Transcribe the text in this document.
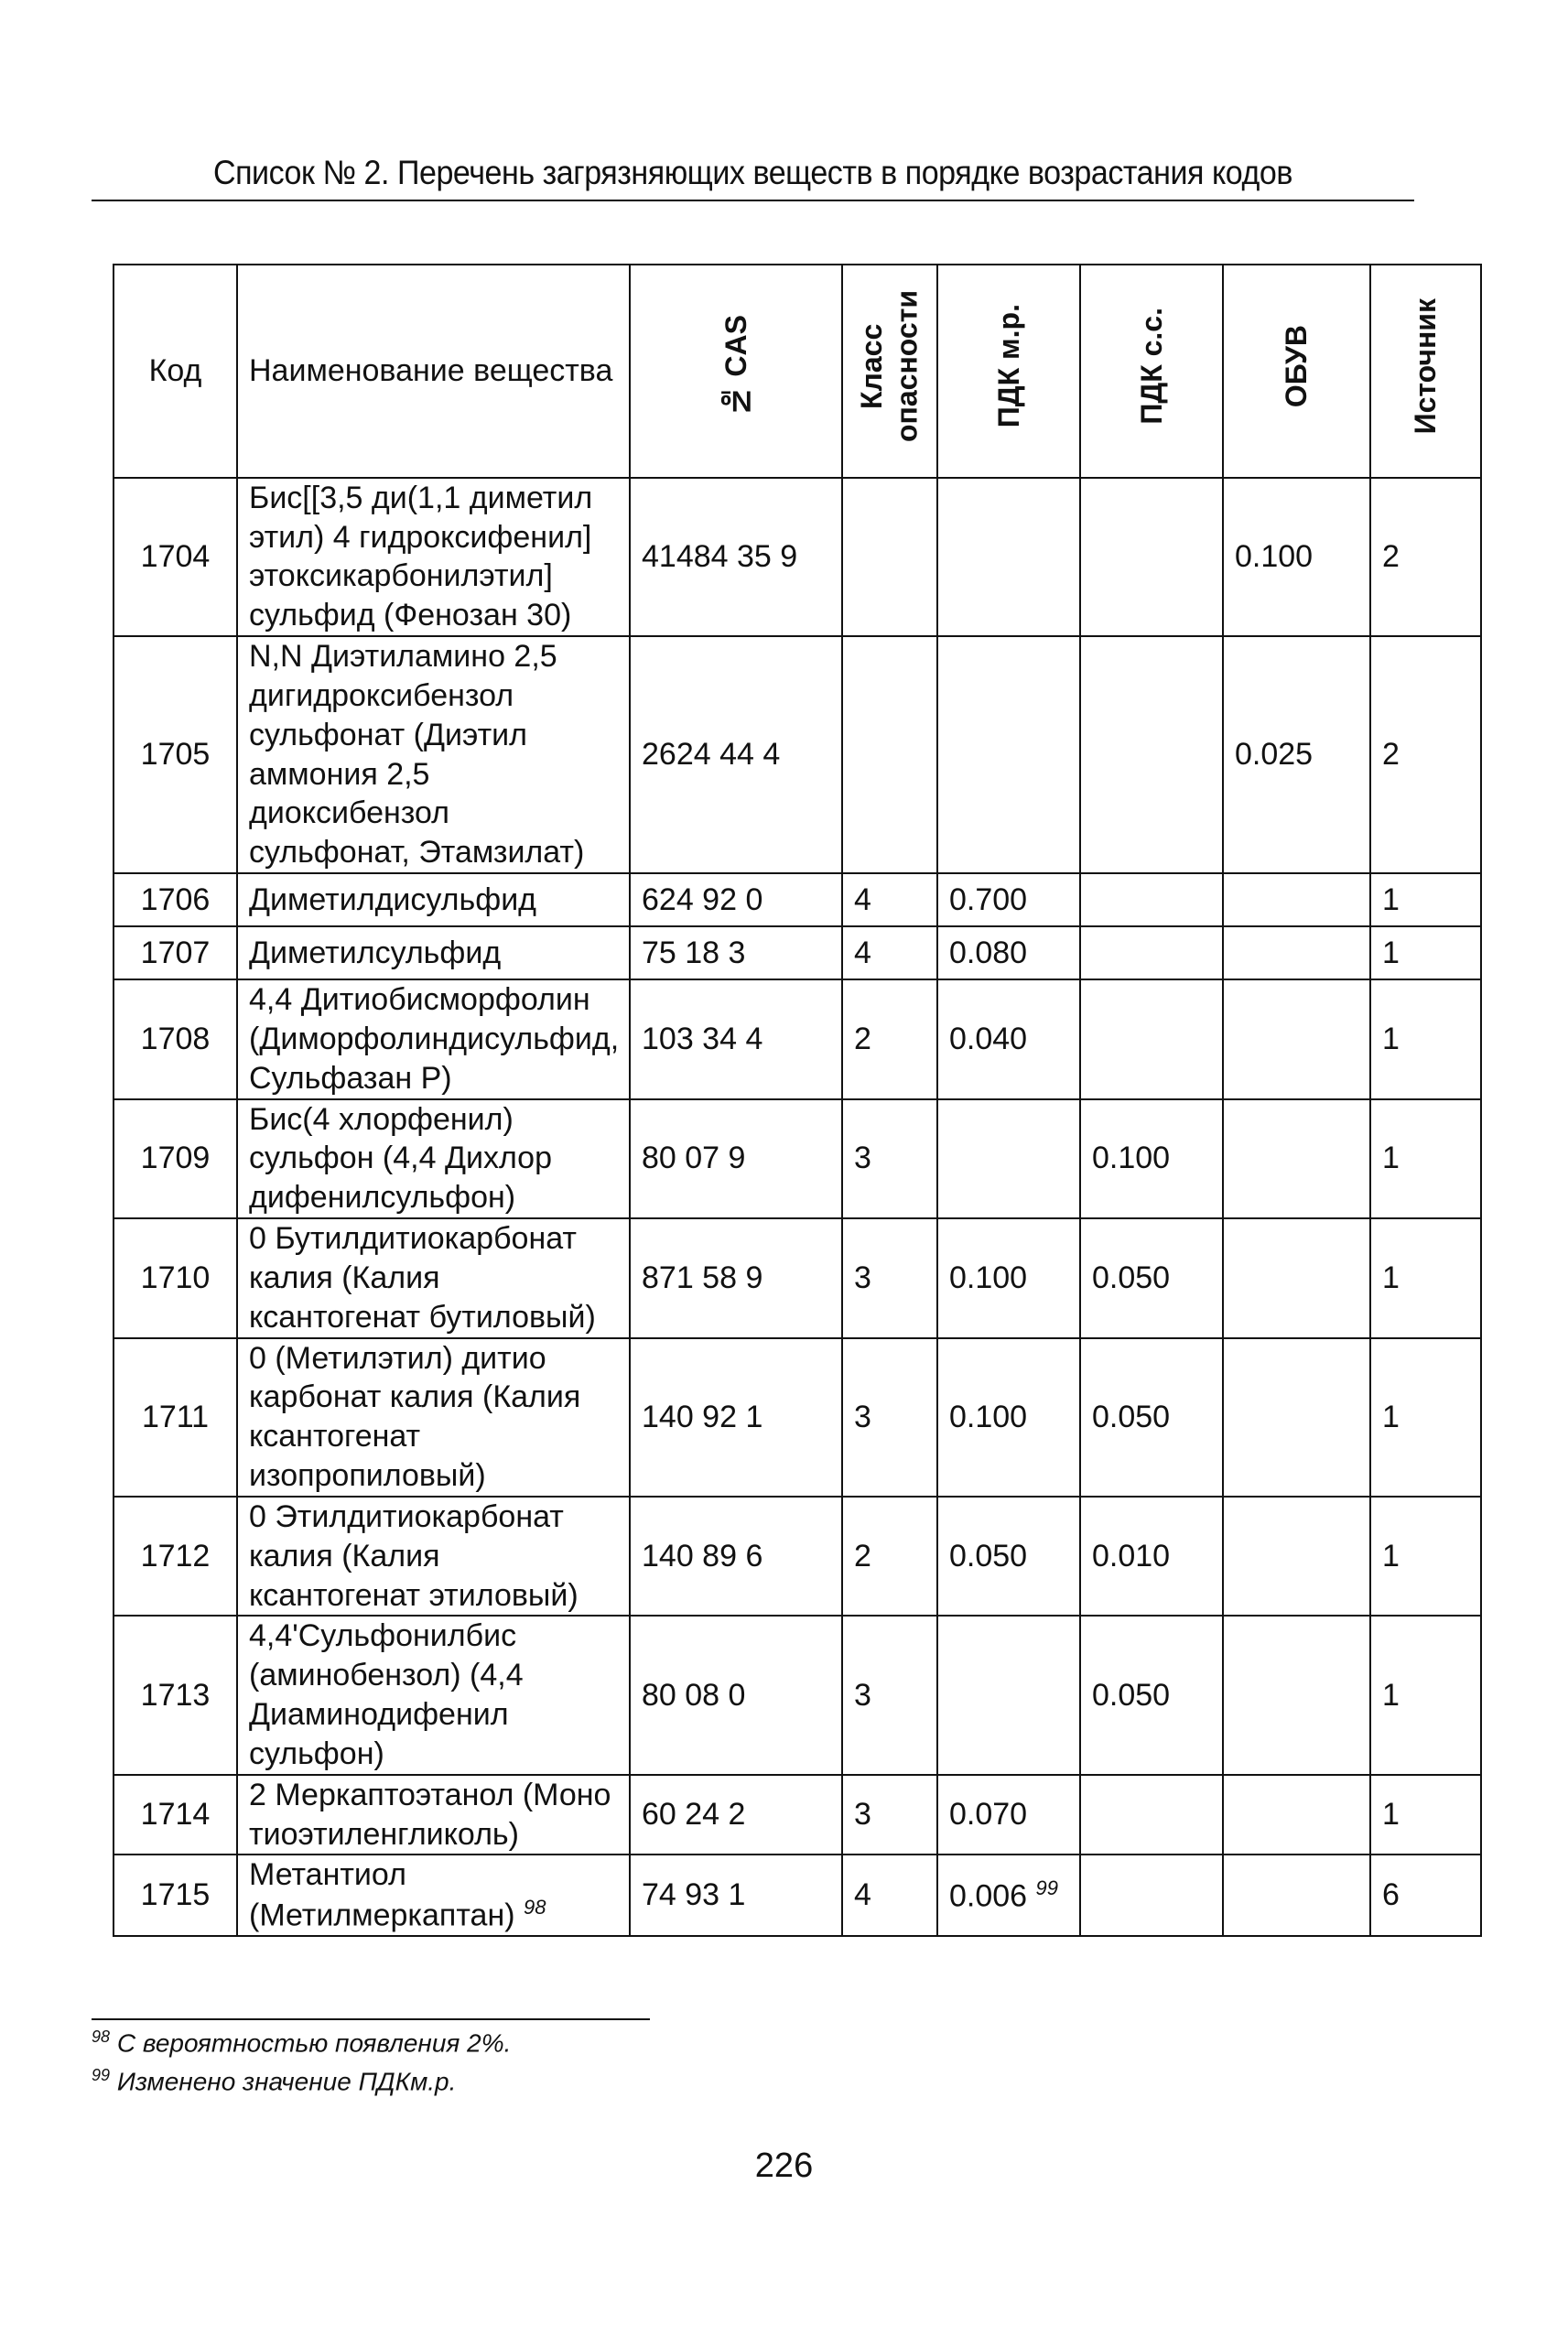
Список № 2. Перечень загрязняющих веществ в порядке возрастания кодов
Код	Наименование вещества	№ CAS	Класс опасности	ПДК м.р.	ПДК с.с.	ОБУВ	Источник
1704	Бис[[3,5 ди(1,1 диметил этил) 4 гидроксифенил] этоксикарбонилэтил] сульфид (Фенозан 30)	41484 35 9				0.100	2
1705	N,N Диэтиламино 2,5 дигидроксибензол сульфонат (Диэтил аммония 2,5 диоксибензол сульфонат, Этамзилат)	2624 44 4				0.025	2
1706	Диметилдисульфид	624 92 0	4	0.700			1
1707	Диметилсульфид	75 18 3	4	0.080			1
1708	4,4 Дитиобисморфолин (Диморфолиндисульфид, Сульфазан Р)	103 34 4	2	0.040			1
1709	Бис(4 хлорфенил) сульфон (4,4 Дихлор дифенилсульфон)	80 07 9	3		0.100		1
1710	0 Бутилдитиокарбонат калия (Калия ксантогенат бутиловый)	871 58 9	3	0.100	0.050		1
1711	0 (Метилэтил) дитио карбонат калия (Калия ксантогенат изопропиловый)	140 92 1	3	0.100	0.050		1
1712	0 Этилдитиокарбонат калия (Калия ксантогенат этиловый)	140 89 6	2	0.050	0.010		1
1713	4,4'Сульфонилбис (аминобензол) (4,4 Диаминодифенил сульфон)	80 08 0	3		0.050		1
1714	2 Меркаптоэтанол (Моно тиоэтиленгликоль)	60 24 2	3	0.070			1
1715	Метантиол (Метилмеркаптан) $^{98}$	74 93 1	4	0.006 $^{99}$			6
$^{98}$ С вероятностью появления 2%.
$^{99}$ Изменено значение ПДКм.р.
226
